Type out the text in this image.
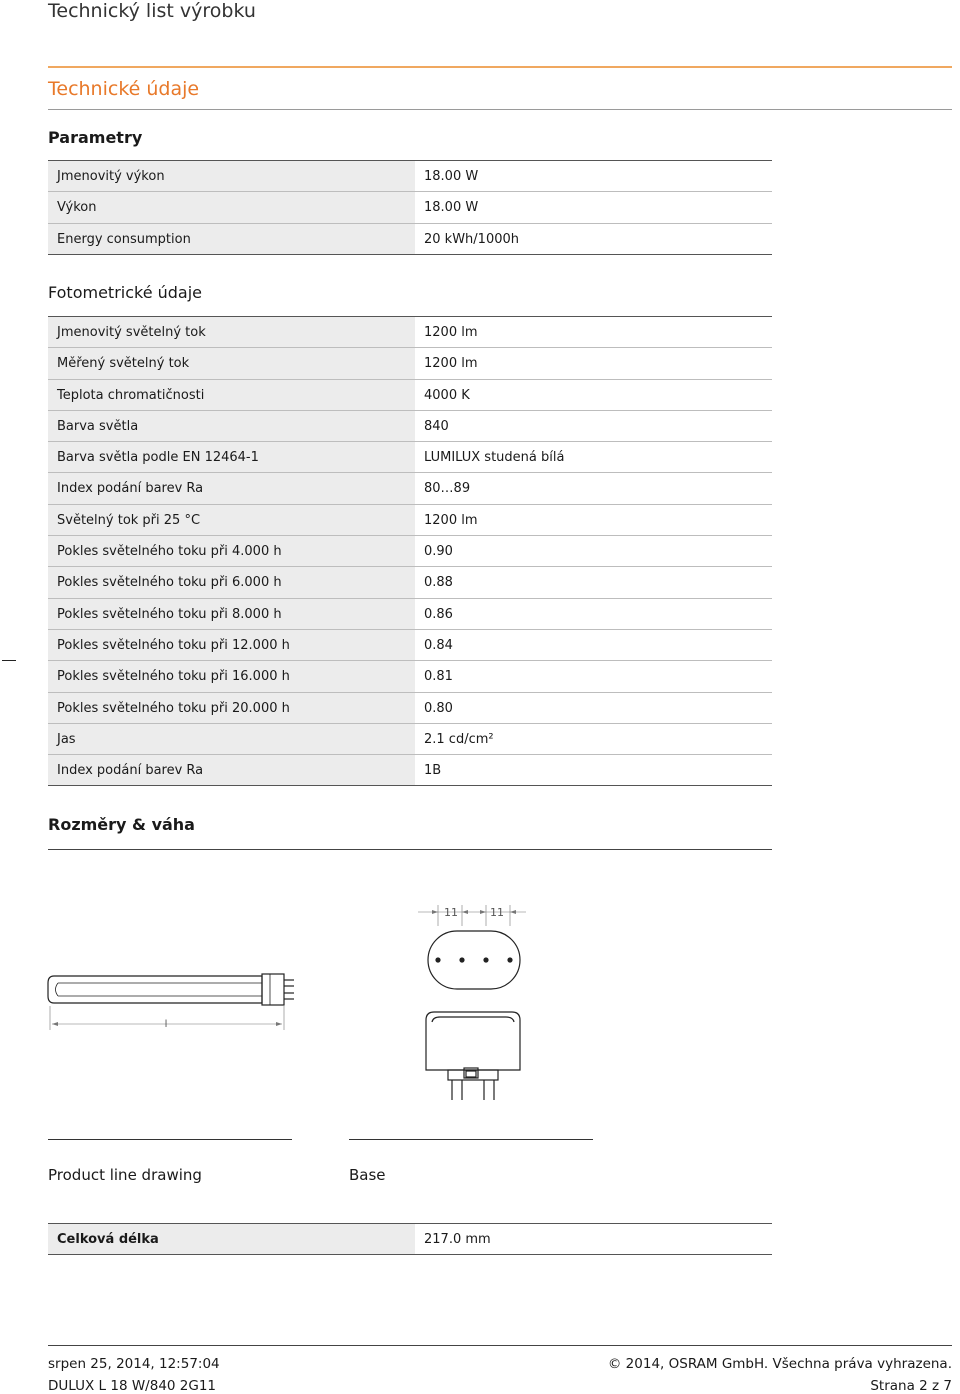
Technický list výrobku
Technické údaje
Parametry
Jmenovitý výkon	18.00 W
Výkon	18.00 W
Energy consumption	20 kWh/1000h
Fotometrické údaje
Jmenovitý světelný tok	1200 lm
Měřený světelný tok	1200 lm
Teplota chromatičnosti	4000 K
Barva světla	840
Barva světla podle EN 12464-1	LUMILUX studená bílá
Index podání barev Ra	80…89
Světelný tok při 25 °C	1200 lm
Pokles světelného toku při 4.000 h	0.90
Pokles světelného toku při 6.000 h	0.88
Pokles světelného toku při 8.000 h	0.86
Pokles světelného toku při 12.000 h	0.84
Pokles světelného toku při 16.000 h	0.81
Pokles světelného toku při 20.000 h	0.80
Jas	2.1 cd/cm²
Index podání barev Ra	1B
Rozměry & váha
l
11	11
Product line drawing	Base
Celková délka	217.0 mm
srpen 25, 2014, 12:57:04
DULUX L 18 W/840 2G11
© 2014, OSRAM GmbH. Všechna práva vyhrazena.
Strana 2 z 7
